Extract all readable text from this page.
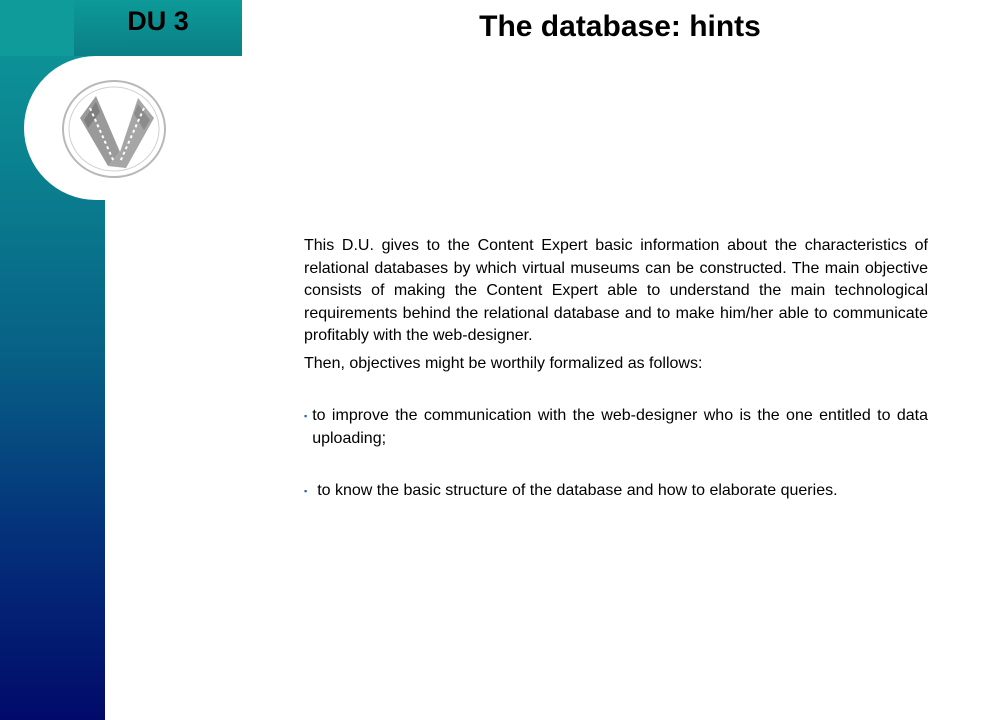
DU 3	The database: hints

This D.U. gives to the Content Expert basic information about the characteristics of relational databases by which virtual museums can be constructed. The main objective consists of making the Content Expert able to understand the main technological requirements behind the relational database and to make him/her able to communicate profitably with the web-designer.

Then, objectives might be worthily formalized as follows:

▪ to improve the communication with the web-designer who is the one entitled to data uploading;
▪ to know the basic structure of the database and how to elaborate queries.
